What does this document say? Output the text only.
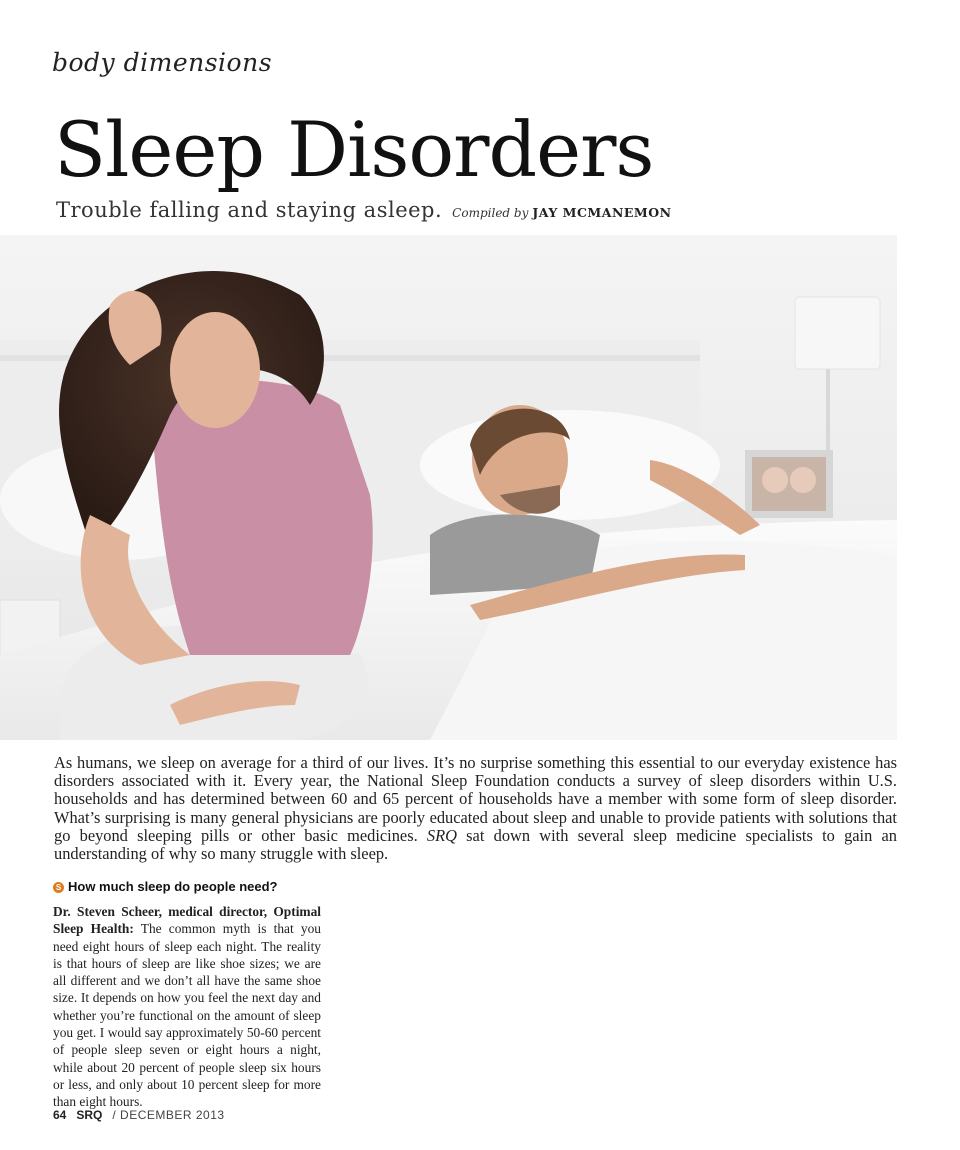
body dimensions
Sleep Disorders
Trouble falling and staying asleep. Compiled by JAY MCMANEMON

As humans, we sleep on average for a third of our lives. It’s no surprise something this essential to our everyday existence has disorders associated with it. Every year, the National Sleep Foundation conducts a survey of sleep disorders within U.S. households and has determined between 60 and 65 percent of households have a member with some form of sleep disorder. What’s surprising is many general physicians are poorly educated about sleep and unable to provide patients with solutions that go beyond sleeping pills or other basic medicines. SRQ sat down with several sleep medicine specialists to gain an understanding of why so many struggle with sleep.

S How much sleep do people need?

Dr. Steven Scheer, medical director, Optimal Sleep Health: The common myth is that you need eight hours of sleep each night. The reality is that hours of sleep are like shoe sizes; we are all different and we don’t all have the same shoe size. It depends on how you feel the next day and whether you’re functional on the amount of sleep you get. I would say approximately 50-60 percent of people sleep seven or eight hours a night, while about 20 percent of people sleep six hours or less, and only about 10 percent sleep for more than eight hours.

64 SRQ / DECEMBER 2013
